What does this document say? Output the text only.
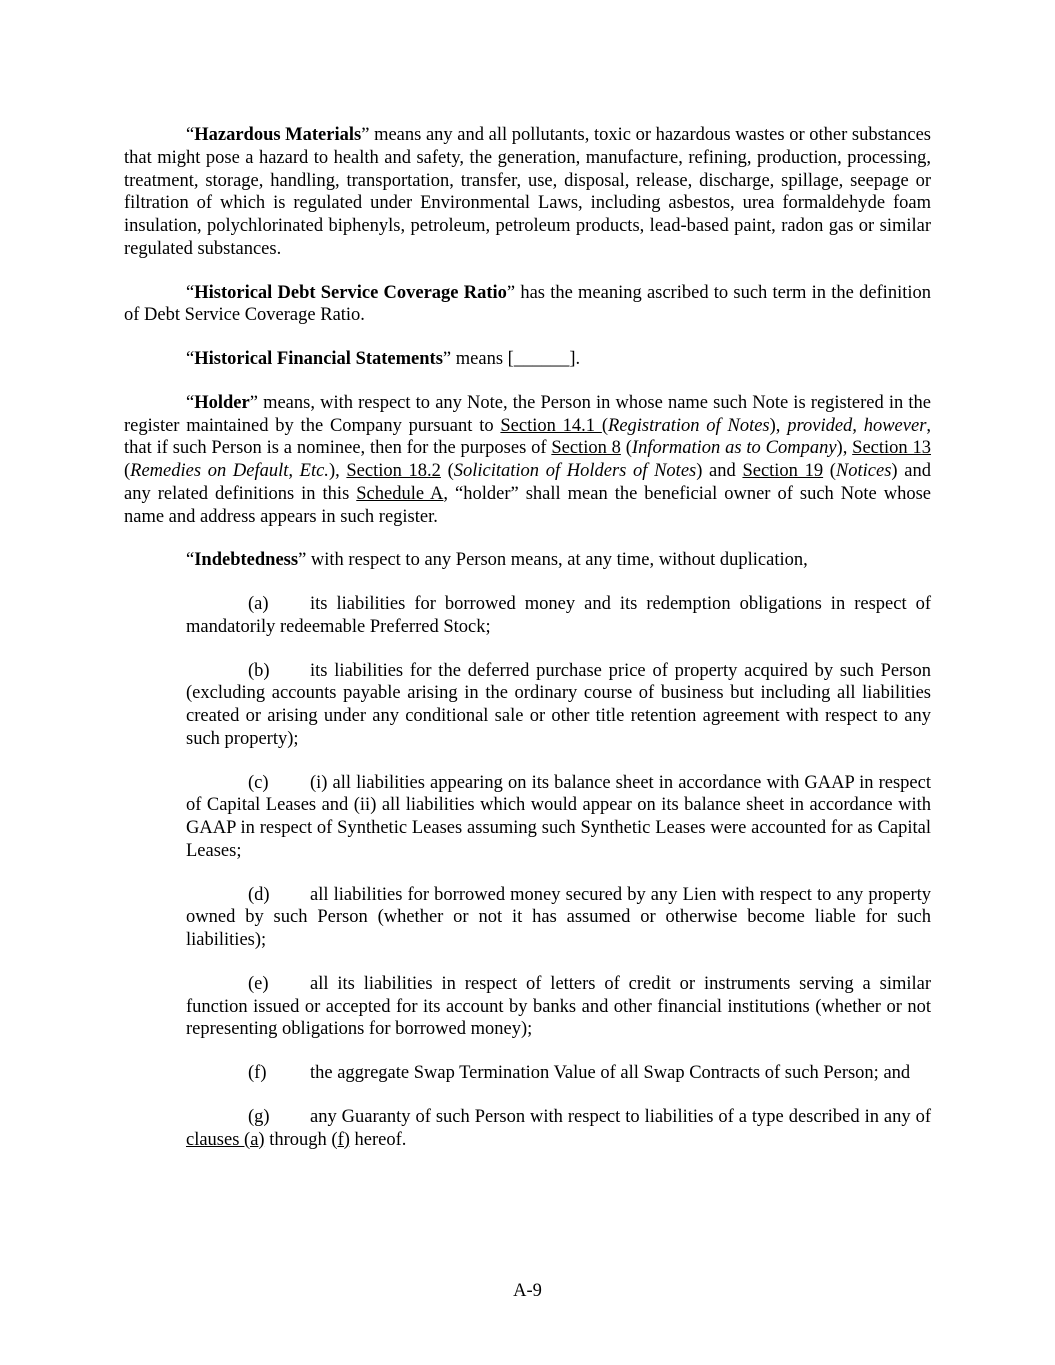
“Hazardous Materials” means any and all pollutants, toxic or hazardous wastes or other substances that might pose a hazard to health and safety, the generation, manufacture, refining, production, processing, treatment, storage, handling, transportation, transfer, use, disposal, release, discharge, spillage, seepage or filtration of which is regulated under Environmental Laws, including asbestos, urea formaldehyde foam insulation, polychlorinated biphenyls, petroleum, petroleum products, lead-based paint, radon gas or similar regulated substances.

“Historical Debt Service Coverage Ratio” has the meaning ascribed to such term in the definition of Debt Service Coverage Ratio.

“Historical Financial Statements” means [______].

“Holder” means, with respect to any Note, the Person in whose name such Note is registered in the register maintained by the Company pursuant to Section 14.1 (Registration of Notes), provided, however, that if such Person is a nominee, then for the purposes of Section 8 (Information as to Company), Section 13 (Remedies on Default, Etc.), Section 18.2 (Solicitation of Holders of Notes) and Section 19 (Notices) and any related definitions in this Schedule A, “holder” shall mean the beneficial owner of such Note whose name and address appears in such register.

“Indebtedness” with respect to any Person means, at any time, without duplication,

(a) its liabilities for borrowed money and its redemption obligations in respect of mandatorily redeemable Preferred Stock;

(b) its liabilities for the deferred purchase price of property acquired by such Person (excluding accounts payable arising in the ordinary course of business but including all liabilities created or arising under any conditional sale or other title retention agreement with respect to any such property);

(c) (i) all liabilities appearing on its balance sheet in accordance with GAAP in respect of Capital Leases and (ii) all liabilities which would appear on its balance sheet in accordance with GAAP in respect of Synthetic Leases assuming such Synthetic Leases were accounted for as Capital Leases;

(d) all liabilities for borrowed money secured by any Lien with respect to any property owned by such Person (whether or not it has assumed or otherwise become liable for such liabilities);

(e) all its liabilities in respect of letters of credit or instruments serving a similar function issued or accepted for its account by banks and other financial institutions (whether or not representing obligations for borrowed money);

(f) the aggregate Swap Termination Value of all Swap Contracts of such Person; and

(g) any Guaranty of such Person with respect to liabilities of a type described in any of clauses (a) through (f) hereof.

A-9
